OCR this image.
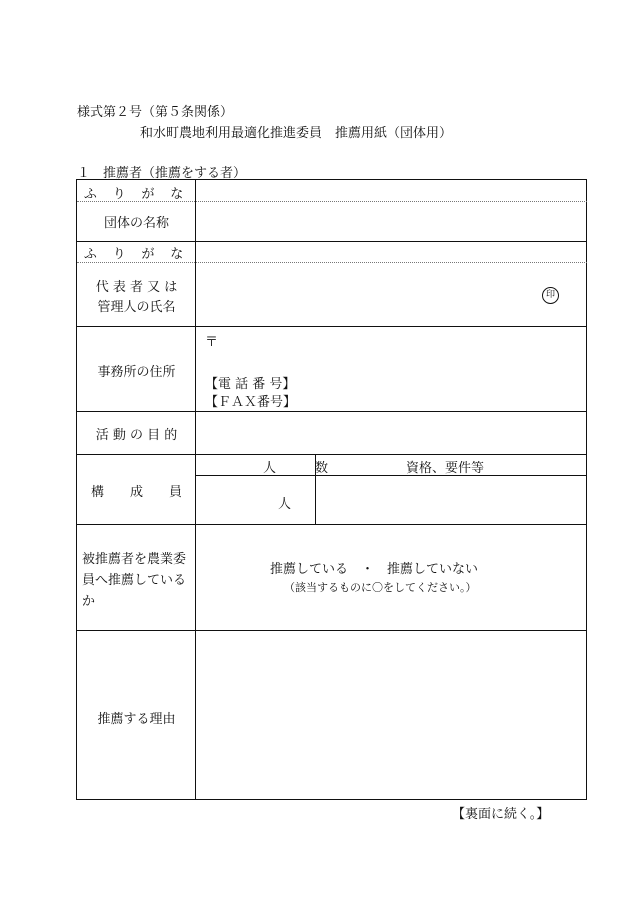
様式第２号（第５条関係）
和水町農地利用最適化推進委員　推薦用紙（団体用）
１　推薦者（推薦をする者）
ふ り が な
団体の名称
ふ り が な
代 表 者 又 は
管理人の氏名
印
〒
事務所の住所
【電 話 番 号】
【ＦＡＸ番号】
活 動 の 目 的
人　　　数	資格、要件等
構　　成　　員
人
被推薦者を農業委
員へ推薦している
か
推薦している　・　推薦していない
（該当するものに〇をしてください。）
推薦する理由
【裏面に続く。】
